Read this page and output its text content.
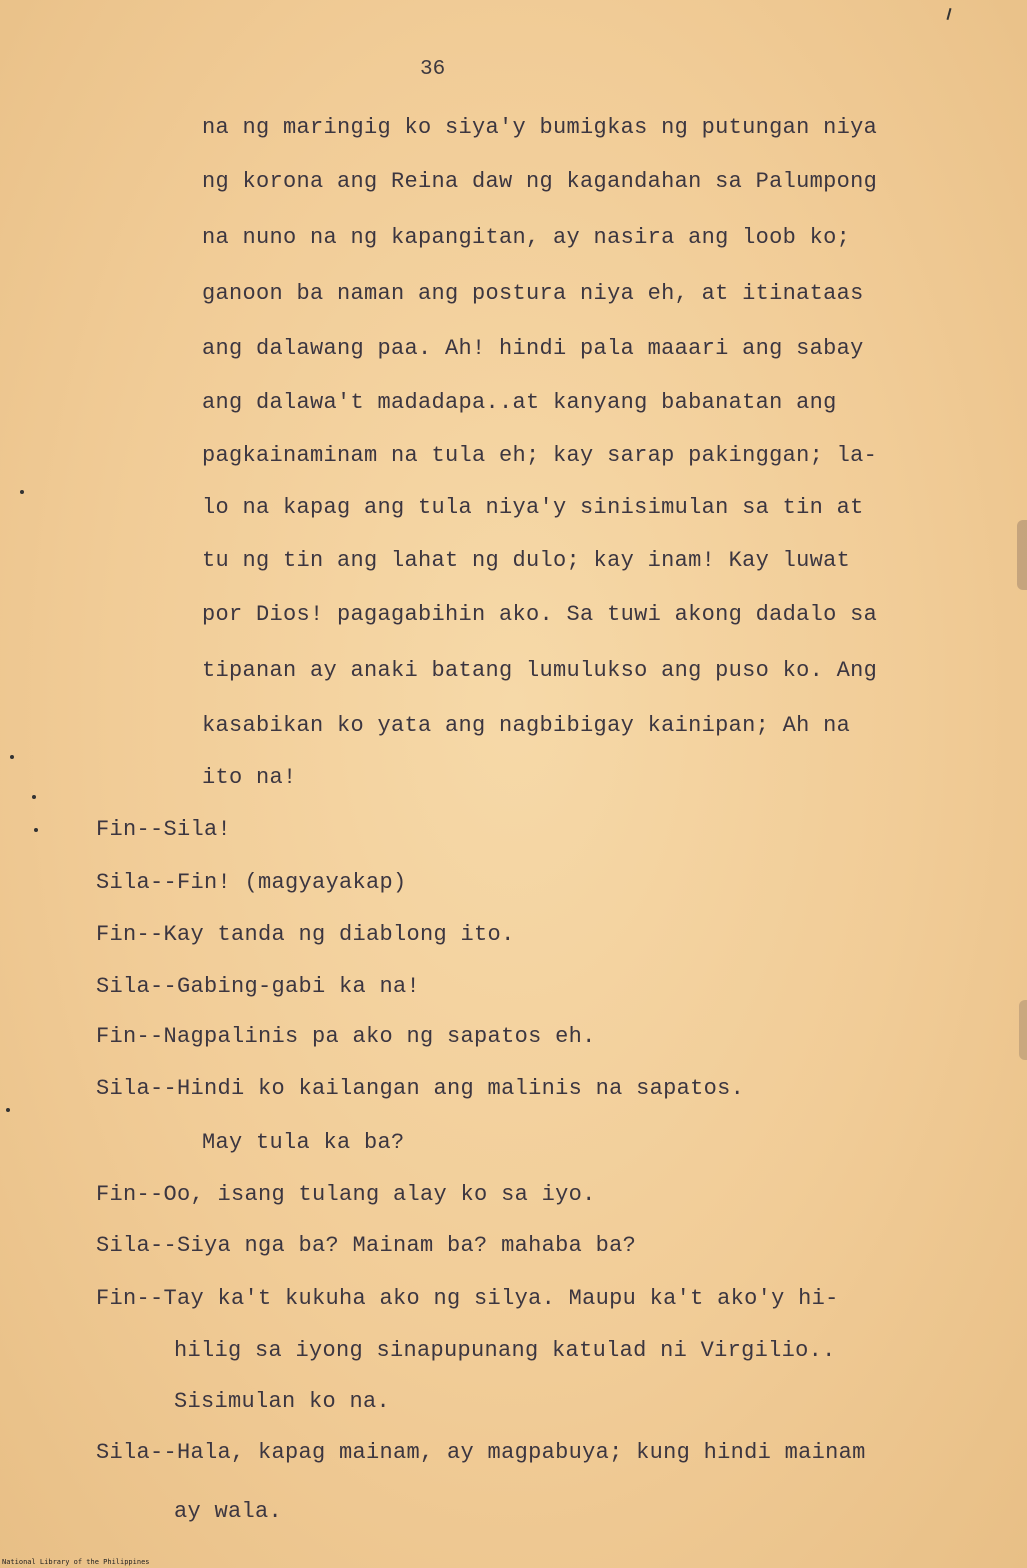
36
na ng maringig ko siya'y bumigkas ng putungan niya
ng korona ang Reina daw ng kagandahan sa Palumpong
na nuno na ng kapangitan, ay nasira ang loob ko;
ganoon ba naman ang postura niya eh, at itinataas
ang dalawang paa. Ah! hindi pala maaari ang sabay
ang dalawa't madadapa..at kanyang babanatan ang
pagkainaminam na tula eh; kay sarap pakinggan; la-
lo na kapag ang tula niya'y sinisimulan sa tin at
tu ng tin ang lahat ng dulo; kay inam! Kay luwat
por Dios! pagagabihin ako. Sa tuwi akong dadalo sa
tipanan ay anaki batang lumulukso ang puso ko. Ang
kasabikan ko yata ang nagbibigay kainipan; Ah na
ito na!
Fin--Sila!
Sila--Fin! (magyayakap)
Fin--Kay tanda ng diablong ito.
Sila--Gabing-gabi ka na!
Fin--Nagpalinis pa ako ng sapatos eh.
Sila--Hindi ko kailangan ang malinis na sapatos.
May tula ka ba?
Fin--Oo, isang tulang alay ko sa iyo.
Sila--Siya nga ba? Mainam ba? mahaba ba?
Fin--Tay ka't kukuha ako ng silya. Maupu ka't ako'y hi-
hilig sa iyong sinapupunang katulad ni Virgilio..
Sisimulan ko na.
Sila--Hala, kapag mainam, ay magpabuya; kung hindi mainam
ay wala.
National Library of the Philippines
